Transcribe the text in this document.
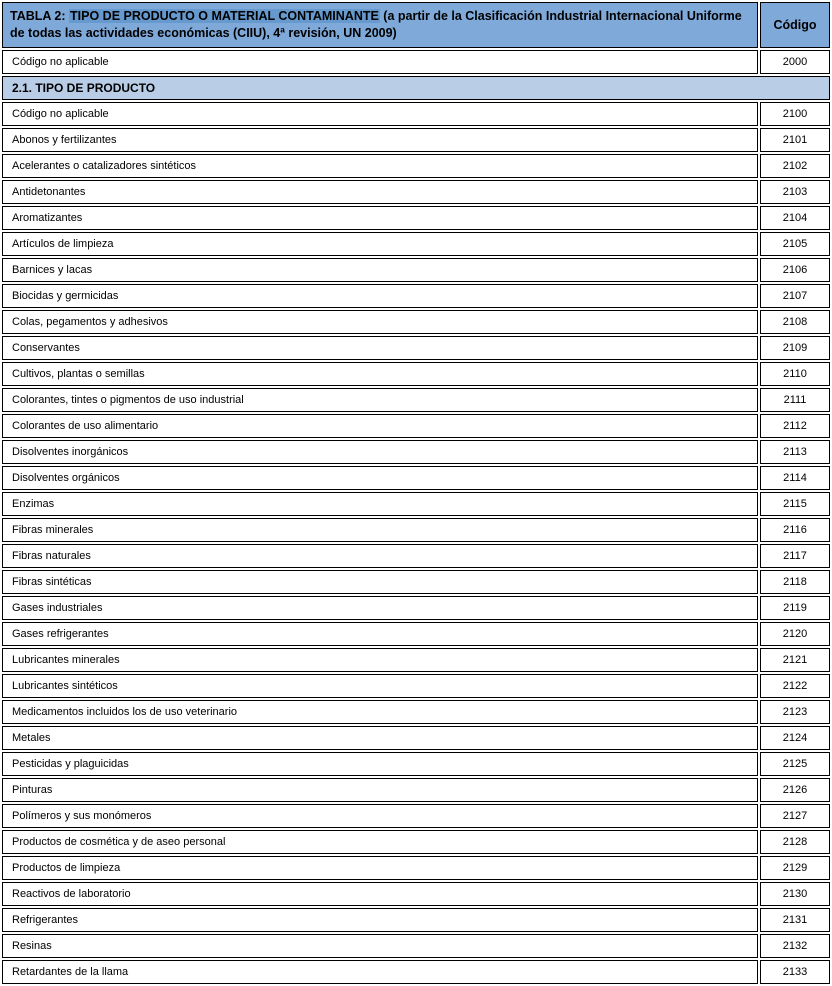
TABLA 2: TIPO DE PRODUCTO O MATERIAL CONTAMINANTE (a partir de la Clasificación Industrial Internacional Uniforme de todas las actividades económicas (CIIU), 4ª revisión, UN 2009)	Código
Código no aplicable	2000
2.1. TIPO DE PRODUCTO	
Código no aplicable	2100
Abonos y fertilizantes	2101
Acelerantes o catalizadores sintéticos	2102
Antidetonantes	2103
Aromatizantes	2104
Artículos de limpieza	2105
Barnices y lacas	2106
Biocidas y germicidas	2107
Colas, pegamentos y adhesivos	2108
Conservantes	2109
Cultivos, plantas o semillas	2110
Colorantes, tintes o pigmentos de uso industrial	2111
Colorantes de uso alimentario	2112
Disolventes inorgánicos	2113
Disolventes orgánicos	2114
Enzimas	2115
Fibras minerales	2116
Fibras naturales	2117
Fibras sintéticas	2118
Gases industriales	2119
Gases refrigerantes	2120
Lubricantes minerales	2121
Lubricantes sintéticos	2122
Medicamentos incluidos los de uso veterinario	2123
Metales	2124
Pesticidas y plaguicidas	2125
Pinturas	2126
Polímeros y sus monómeros	2127
Productos de cosmética y de aseo personal	2128
Productos de limpieza	2129
Reactivos de laboratorio	2130
Refrigerantes	2131
Resinas	2132
Retardantes de la llama	2133
